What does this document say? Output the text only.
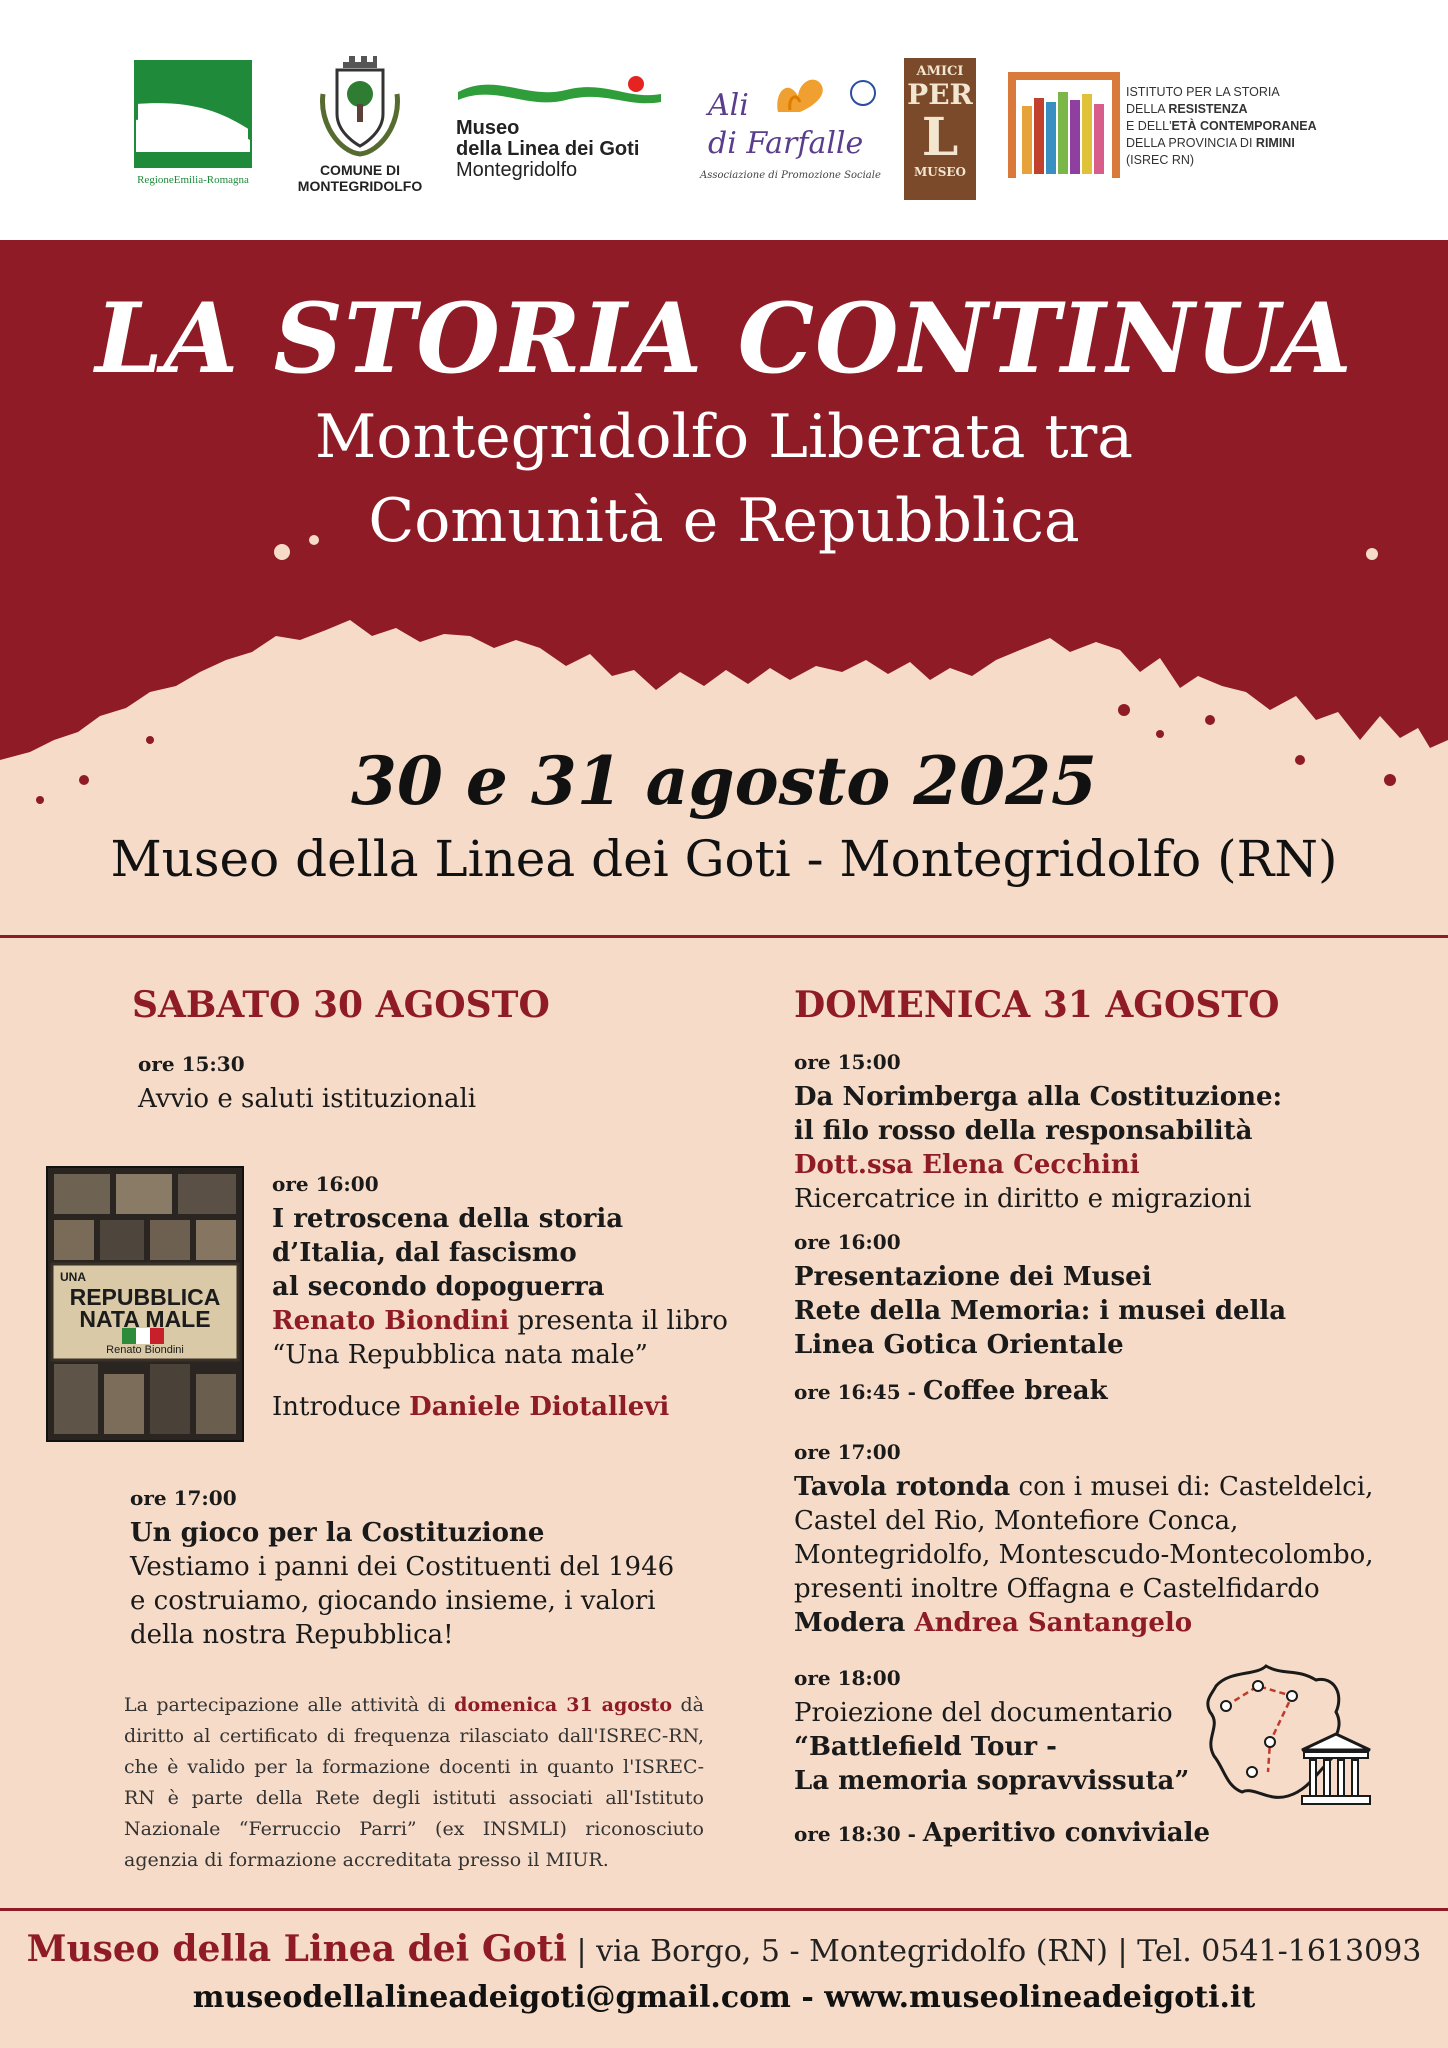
RegioneEmilia-Romagna
COMUNE DI
MONTEGRIDOLFO
Museo
della Linea dei Goti
Montegridolfo
Ali
di Farfalle
Associazione di Promozione Sociale
AMICI
PER
L
MUSEO
ISTITUTO PER LA STORIA
DELLA RESISTENZA
E DELL'ETÀ CONTEMPORANEA
DELLA PROVINCIA DI RIMINI
(ISREC RN)
LA STORIA CONTINUA
Montegridolfo Liberata tra
Comunità e Repubblica
30 e 31 agosto 2025
Museo della Linea dei Goti - Montegridolfo (RN)
SABATO 30 AGOSTO
ore 15:30
Avvio e saluti istituzionali
UNA
REPUBBLICA
NATA MALE
Renato Biondini
ore 16:00
I retroscena della storia
d’Italia, dal fascismo
al secondo dopoguerra
Renato Biondini presenta il libro
“Una Repubblica nata male”
Introduce Daniele Diotallevi
ore 17:00
Un gioco per la Costituzione
Vestiamo i panni dei Costituenti del 1946
e costruiamo, giocando insieme, i valori
della nostra Repubblica!
La partecipazione alle attività di domenica 31 agosto dà diritto al certificato di frequenza rilasciato dall'ISREC-RN, che è valido per la formazione docenti in quanto l'ISREC-RN è parte della Rete degli istituti associati all'Istituto Nazionale “Ferruccio Parri” (ex INSMLI) riconosciuto agenzia di formazione accreditata presso il MIUR.
DOMENICA 31 AGOSTO
ore 15:00
Da Norimberga alla Costituzione:
il filo rosso della responsabilità
Dott.ssa Elena Cecchini
Ricercatrice in diritto e migrazioni
ore 16:00
Presentazione dei Musei
Rete della Memoria: i musei della
Linea Gotica Orientale
ore 16:45 - Coffee break
ore 17:00
Tavola rotonda con i musei di: Casteldelci,
Castel del Rio, Montefiore Conca,
Montegridolfo, Montescudo-Montecolombo,
presenti inoltre Offagna e Castelfidardo
Modera Andrea Santangelo
ore 18:00
Proiezione del documentario
“Battlefield Tour -
La memoria sopravvissuta”
ore 18:30 - Aperitivo conviviale
Museo della Linea dei Goti | via Borgo, 5 - Montegridolfo (RN) | Tel. 0541-1613093
museodellalineadeigoti@gmail.com - www.museolineadeigoti.it
